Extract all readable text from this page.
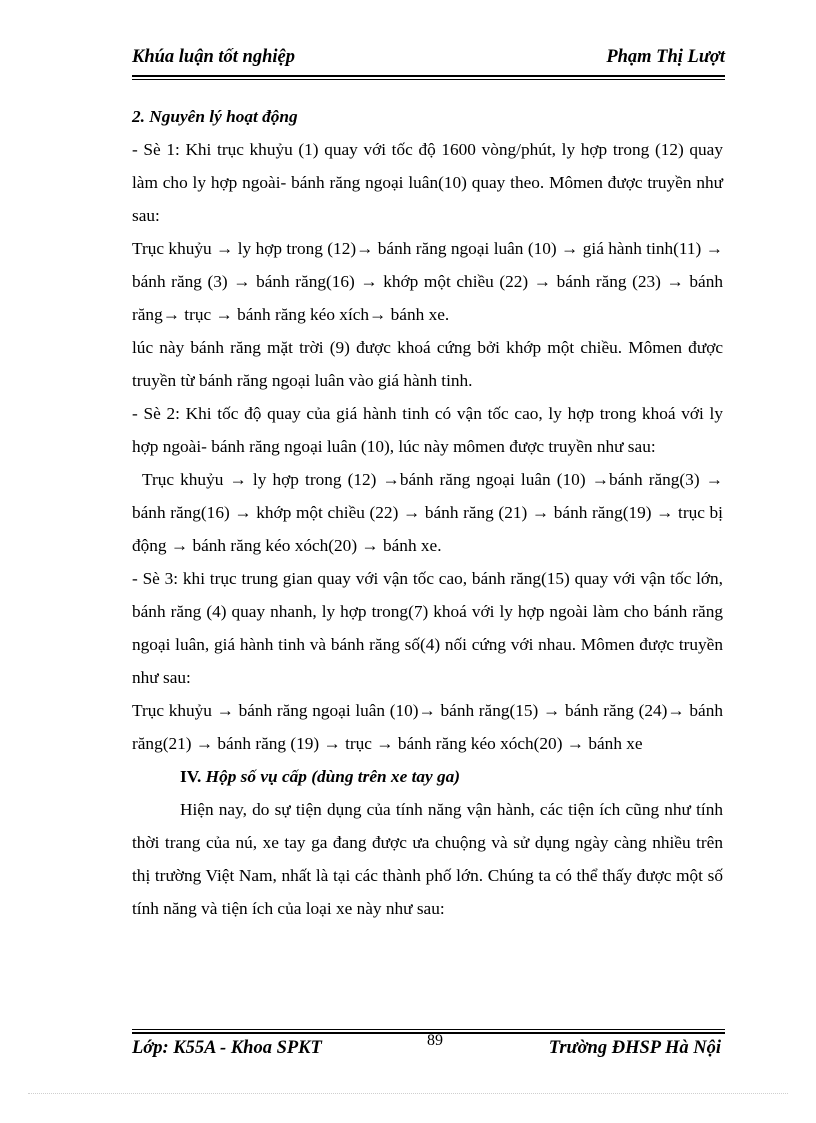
Khúa luận tốt nghiệp	Phạm Thị Lượt

2. Nguyên lý hoạt động

- Sè 1: Khi trục khuỷu (1) quay với tốc độ 1600 vòng/phút, ly hợp trong (12) quay làm cho ly hợp ngoài- bánh răng ngoại luân(10) quay theo. Mômen được truyền như sau:

Trục khuỷu → ly hợp trong (12)→ bánh răng ngoại luân (10) → giá hành tinh(11) → bánh răng (3) → bánh răng(16) → khớp một chiều (22) → bánh răng (23) → bánh răng→ trục → bánh răng kéo xích→ bánh xe.

lúc này bánh răng mặt trời (9) được khoá cứng bởi khớp một chiều. Mômen được truyền từ bánh răng ngoại luân vào giá hành tinh.

- Sè 2: Khi tốc độ quay của giá hành tinh có vận tốc cao, ly hợp trong khoá với ly hợp ngoài- bánh răng ngoại luân (10), lúc này mômen được truyền như sau:

Trục khuỷu → ly hợp trong (12) →bánh răng ngoại luân (10) →bánh răng(3) → bánh răng(16) → khớp một chiều (22) → bánh răng (21) → bánh răng(19) → trục bị động → bánh răng kéo xóch(20) → bánh xe.

- Sè 3: khi trục trung gian quay với vận tốc cao, bánh răng(15) quay với vận tốc lớn, bánh răng (4) quay nhanh, ly hợp trong(7) khoá với ly hợp ngoài làm cho bánh răng ngoại luân, giá hành tinh và bánh răng số(4) nối cứng với nhau. Mômen được truyền như sau:

Trục khuỷu → bánh răng ngoại luân (10)→ bánh răng(15) → bánh răng (24)→ bánh răng(21) → bánh răng (19) → trục → bánh răng kéo xóch(20) → bánh xe

IV. Hộp số vụ cấp (dùng trên xe tay ga)

Hiện nay, do sự tiện dụng của tính năng vận hành, các tiện ích cũng như tính thời trang của nú, xe tay ga đang được ưa chuộng và sử dụng ngày càng nhiều trên thị trường Việt Nam, nhất là tại các thành phố lớn. Chúng ta có thể thấy được một số tính năng và tiện ích của loại xe này như sau:

Lớp: K55A - Khoa SPKT	89	Trường ĐHSP Hà Nội
